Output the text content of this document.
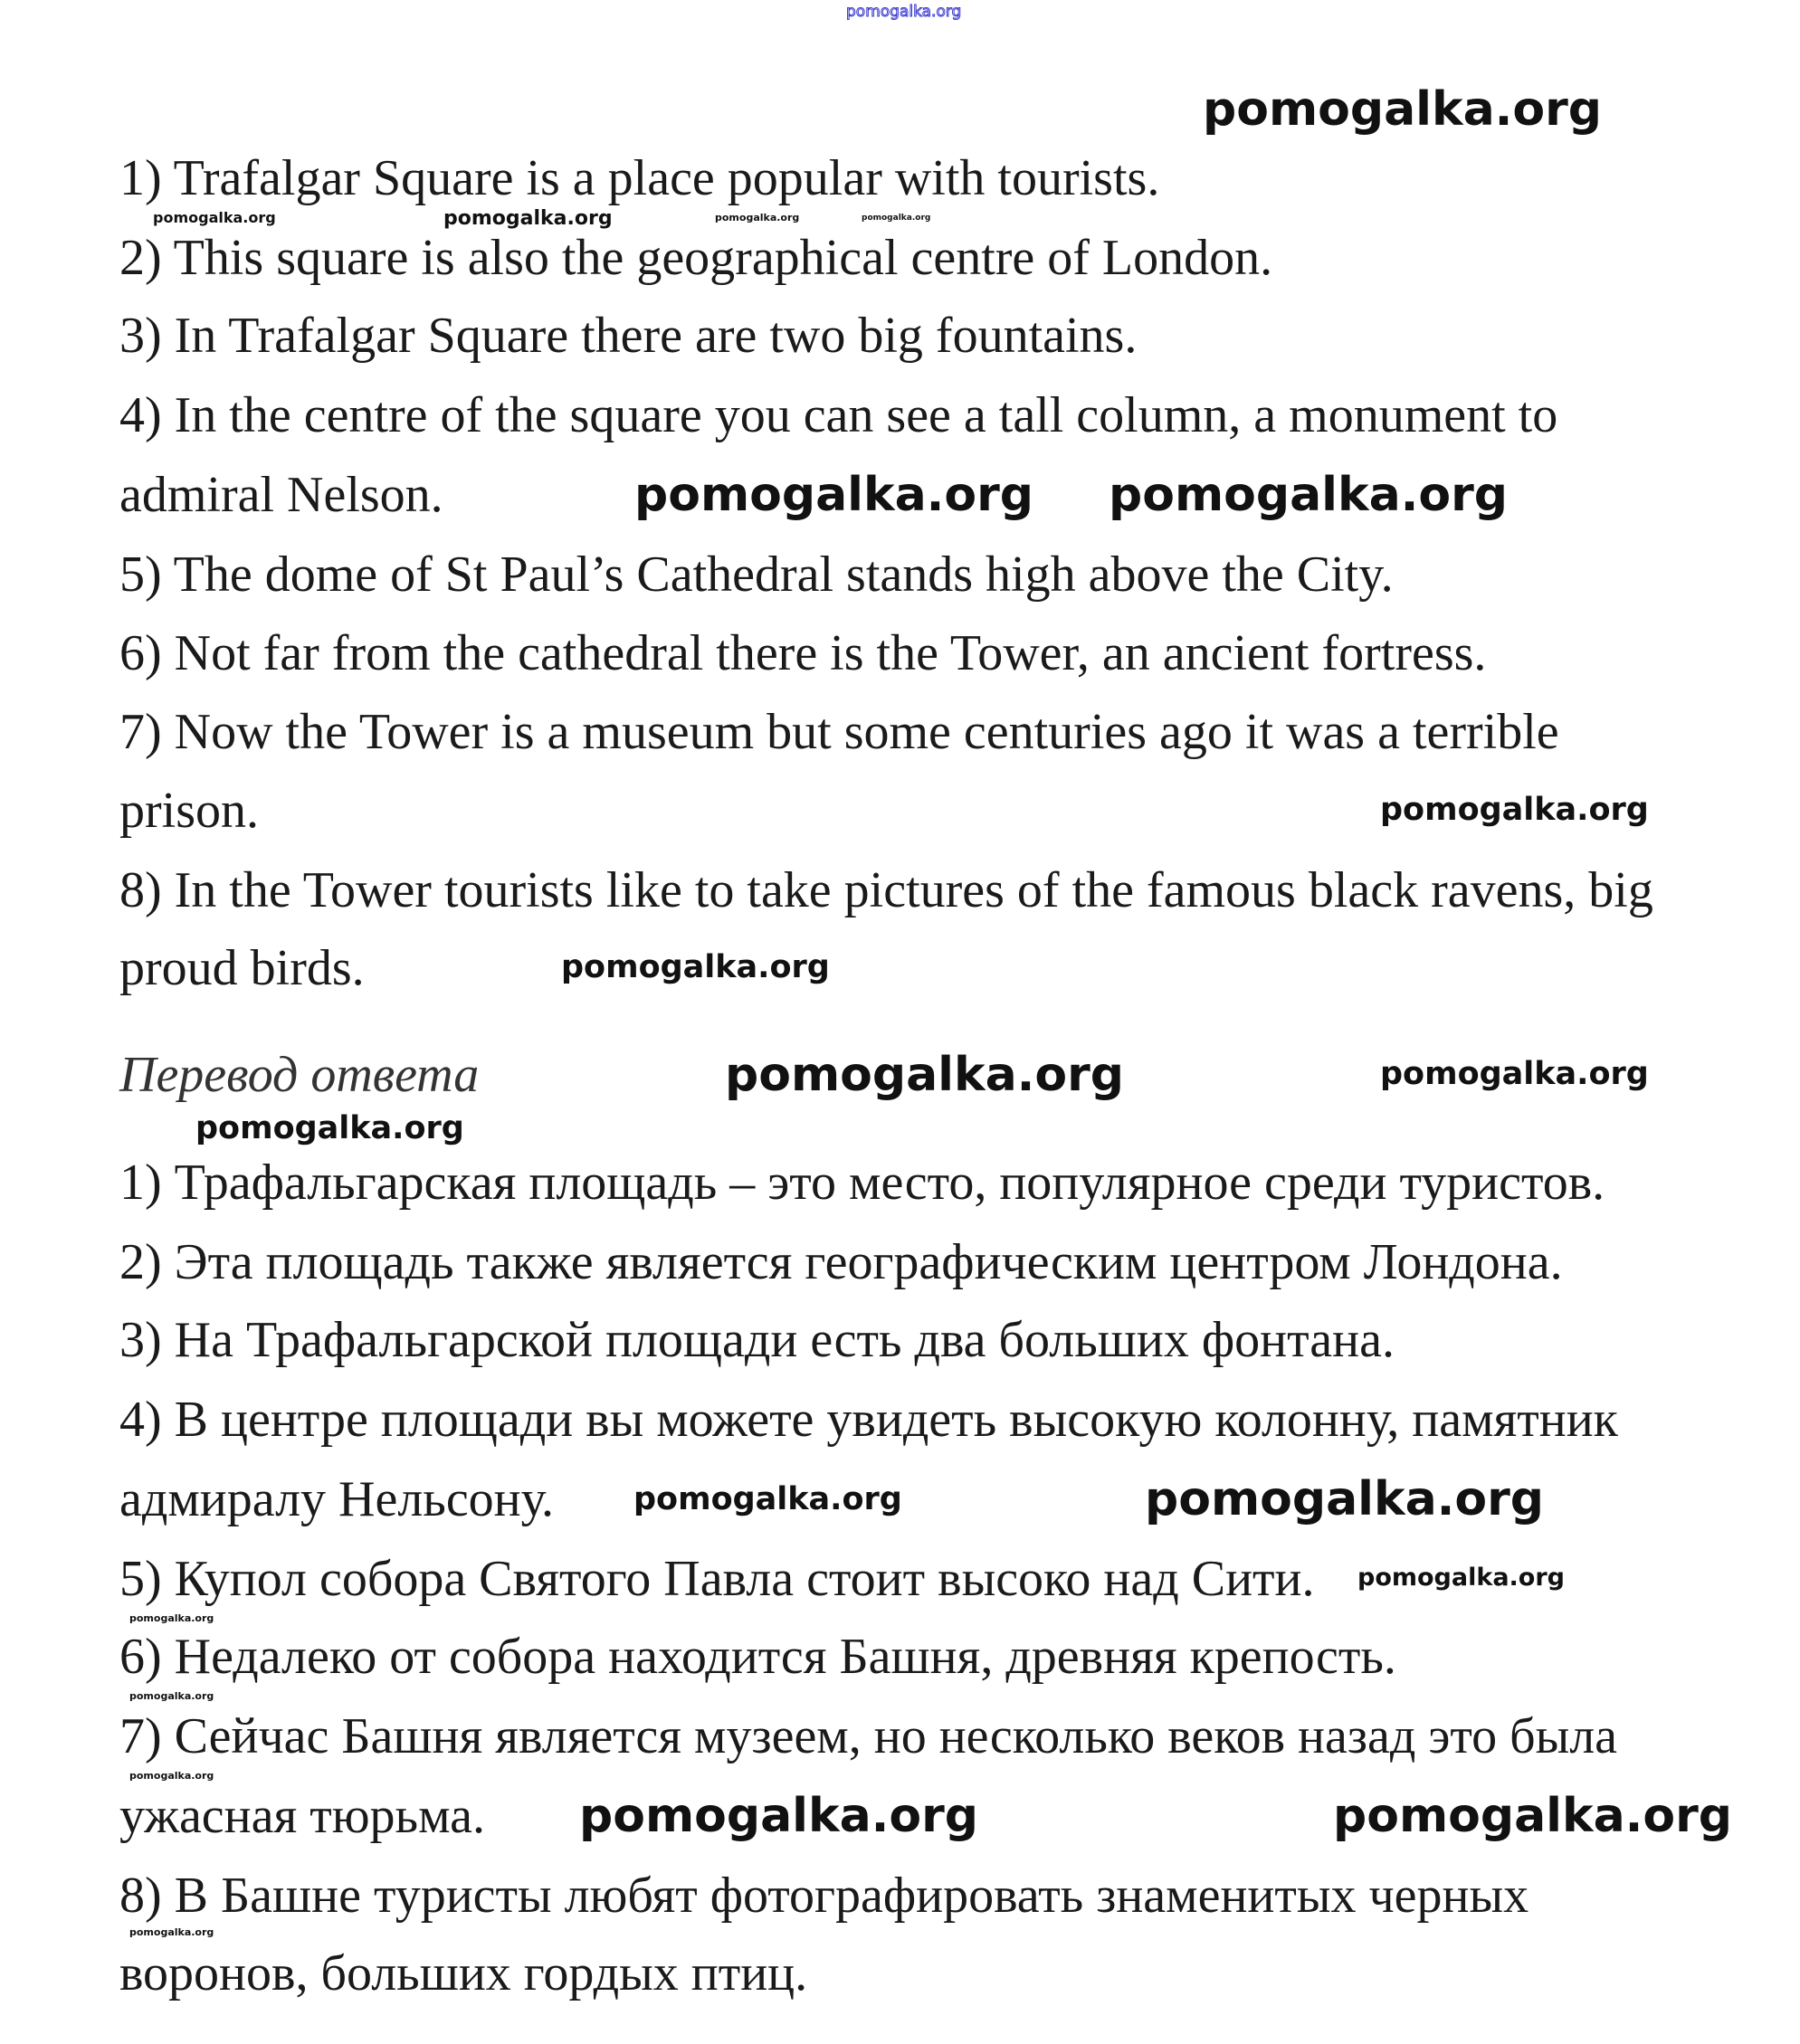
pomogalka.org
1) Trafalgar Square is a place popular with tourists.
2) This square is also the geographical centre of London.
3) In Trafalgar Square there are two big fountains.
4) In the centre of the square you can see a tall column, a monument to
admiral Nelson.
5) The dome of St Paul’s Cathedral stands high above the City.
6) Not far from the cathedral there is the Tower, an ancient fortress.
7) Now the Tower is a museum but some centuries ago it was a terrible
prison.
8) In the Tower tourists like to take pictures of the famous black ravens, big
proud birds.
Перевод ответа
1) Трафальгарская площадь – это место, популярное среди туристов.
2) Эта площадь также является географическим центром Лондона.
3) На Трафальгарской площади есть два больших фонтана.
4) В центре площади вы можете увидеть высокую колонну, памятник
адмиралу Нельсону.
5) Купол собора Святого Павла стоит высоко над Сити.
6) Недалеко от собора находится Башня, древняя крепость.
7) Сейчас Башня является музеем, но несколько веков назад это была
ужасная тюрьма.
8) В Башне туристы любят фотографировать знаменитых черных
воронов, больших гордых птиц.
pomogalka.org
pomogalka.org	pomogalka.org	pomogalka.org	pomogalka.org
pomogalka.org pomogalka.org
pomogalka.org
pomogalka.org
pomogalka.org	pomogalka.org
pomogalka.org
pomogalka.org
pomogalka.org
pomogalka.org
pomogalka.org
pomogalka.org
pomogalka.org
pomogalka.org
pomogalka.org
pomogalka.org
